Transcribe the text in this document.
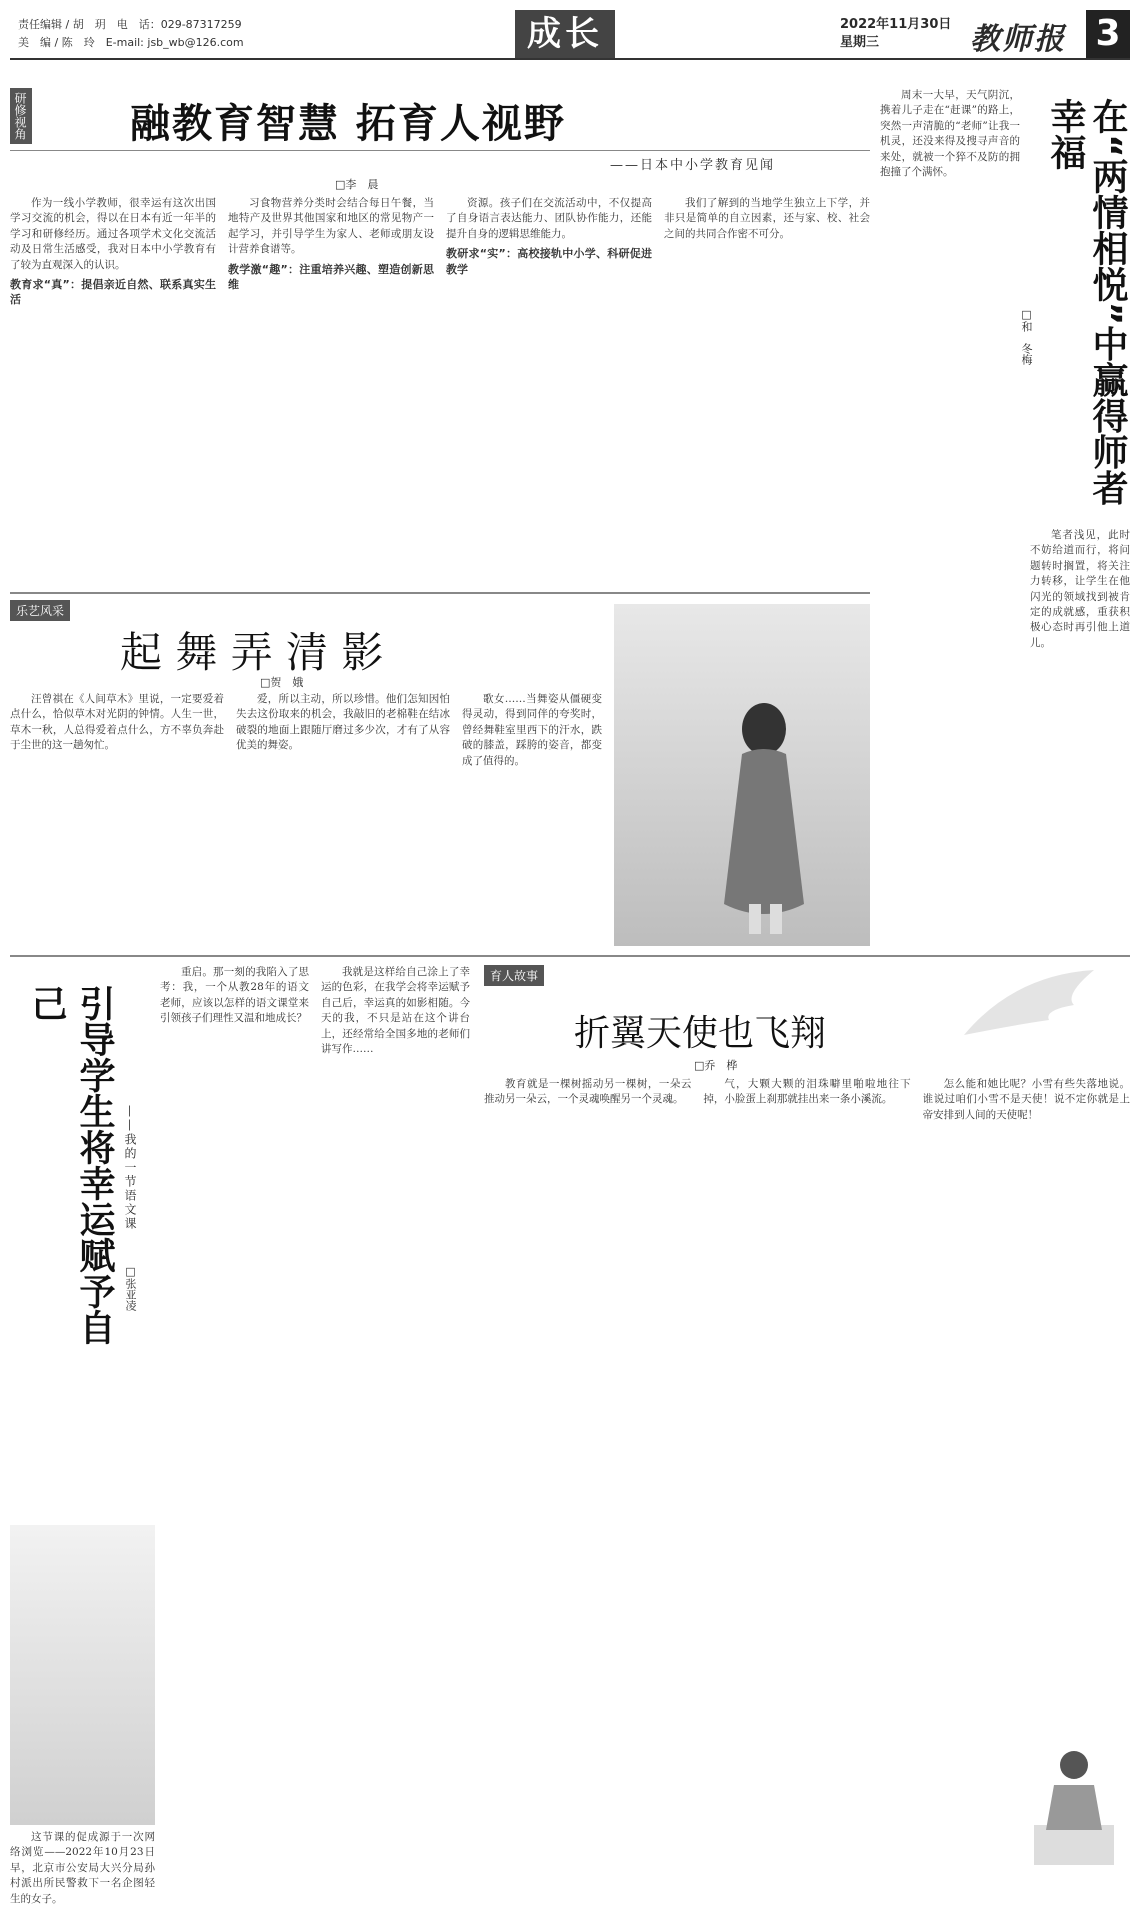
责任编辑 / 胡　玥　电　话：029-87317259
美　编 / 陈　玲　E-mail: jsb_wb@126.com	成长	2022年11月30日
星期三	教师报 3
研修视角	融教育智慧 拓育人视野
——日本中小学教育见闻
□李　晨

作为一线小学教师，很幸运有这次出国学习交流的机会，得以在日本有近一年半的学习和研修经历。通过各项学术文化交流活动及日常生活感受，我对日本中小学教育有了较为直观深入的认识。

教育求“真”：提倡亲近自然、联系真实生活

习食物营养分类时会结合每日午餐，当地特产及世界其他国家和地区的常见物产一起学习，并引导学生为家人、老师或朋友设计营养食谱等。

教学激“趣”：注重培养兴趣、塑造创新思维

资源。孩子们在交流活动中，不仅提高了自身语言表达能力、团队协作能力，还能提升自身的逻辑思维能力。

教研求“实”：高校接轨中小学、科研促进教学

我们了解到的当地学生独立上下学，并非只是简单的自立因素，还与家、校、社会之间的共同合作密不可分。	在“两情相悦”中赢得师者幸福
□和　冬梅

周末一大早，天气阴沉，携着儿子走在“赶课”的路上，突然一声清脆的“老师”让我一机灵，还没来得及搜寻声音的来处，就被一个猝不及防的拥抱撞了个满怀。

笔者浅见，此时不妨给道而行，将问题转时搁置，将关注力转移，让学生在他闪光的领域找到被肯定的成就感，重获积极心态时再引他上道儿。

乐艺风采
起 舞 弄 清 影
□贺　娥

汪曾祺在《人间草木》里说，一定要爱着点什么，恰似草木对光阴的钟情。人生一世，草木一秋，人总得爱着点什么，方不辜负奔赴于尘世的这一趟匆忙。

爱，所以主动，所以珍惜。他们怎知因怕失去这份取来的机会，我敲旧的老棉鞋在结冰破裂的地面上跟随厅磨过多少次，才有了从容优美的舞姿。

歌女……当舞姿从僵硬变得灵动，得到同伴的夸奖时，曾经舞鞋室里西下的汗水，跌破的膝盖，踩胯的姿音，都变成了值得的。

引导学生将幸运赋予自己
——我的一节语文课
□张亚凌

这节课的促成源于一次网络浏览——2022年10月23日早，北京市公安局大兴分局孙村派出所民警救下一名企图轻生的女子。

重启。那一刻的我陷入了思考：我，一个从教28年的语文老师，应该以怎样的语文课堂来引领孩子们理性又温和地成长？

我就是这样给自己涂上了幸运的色彩，在我学会将幸运赋予自己后，幸运真的如影相随。今天的我，不只是站在这个讲台上，还经常给全国多地的老师们讲写作……

育人故事
折翼天使也飞翔
□乔　桦

教育就是一棵树摇动另一棵树，一朵云推动另一朵云，一个灵魂唤醒另一个灵魂。

气，大颗大颗的泪珠噼里啪啦地往下掉，小脸蛋上刹那就挂出来一条小溪流。

怎么能和她比呢？小雪有些失落地说。谁说过咱们小雪不是天使！说不定你就是上帝安排到人间的天使呢！
